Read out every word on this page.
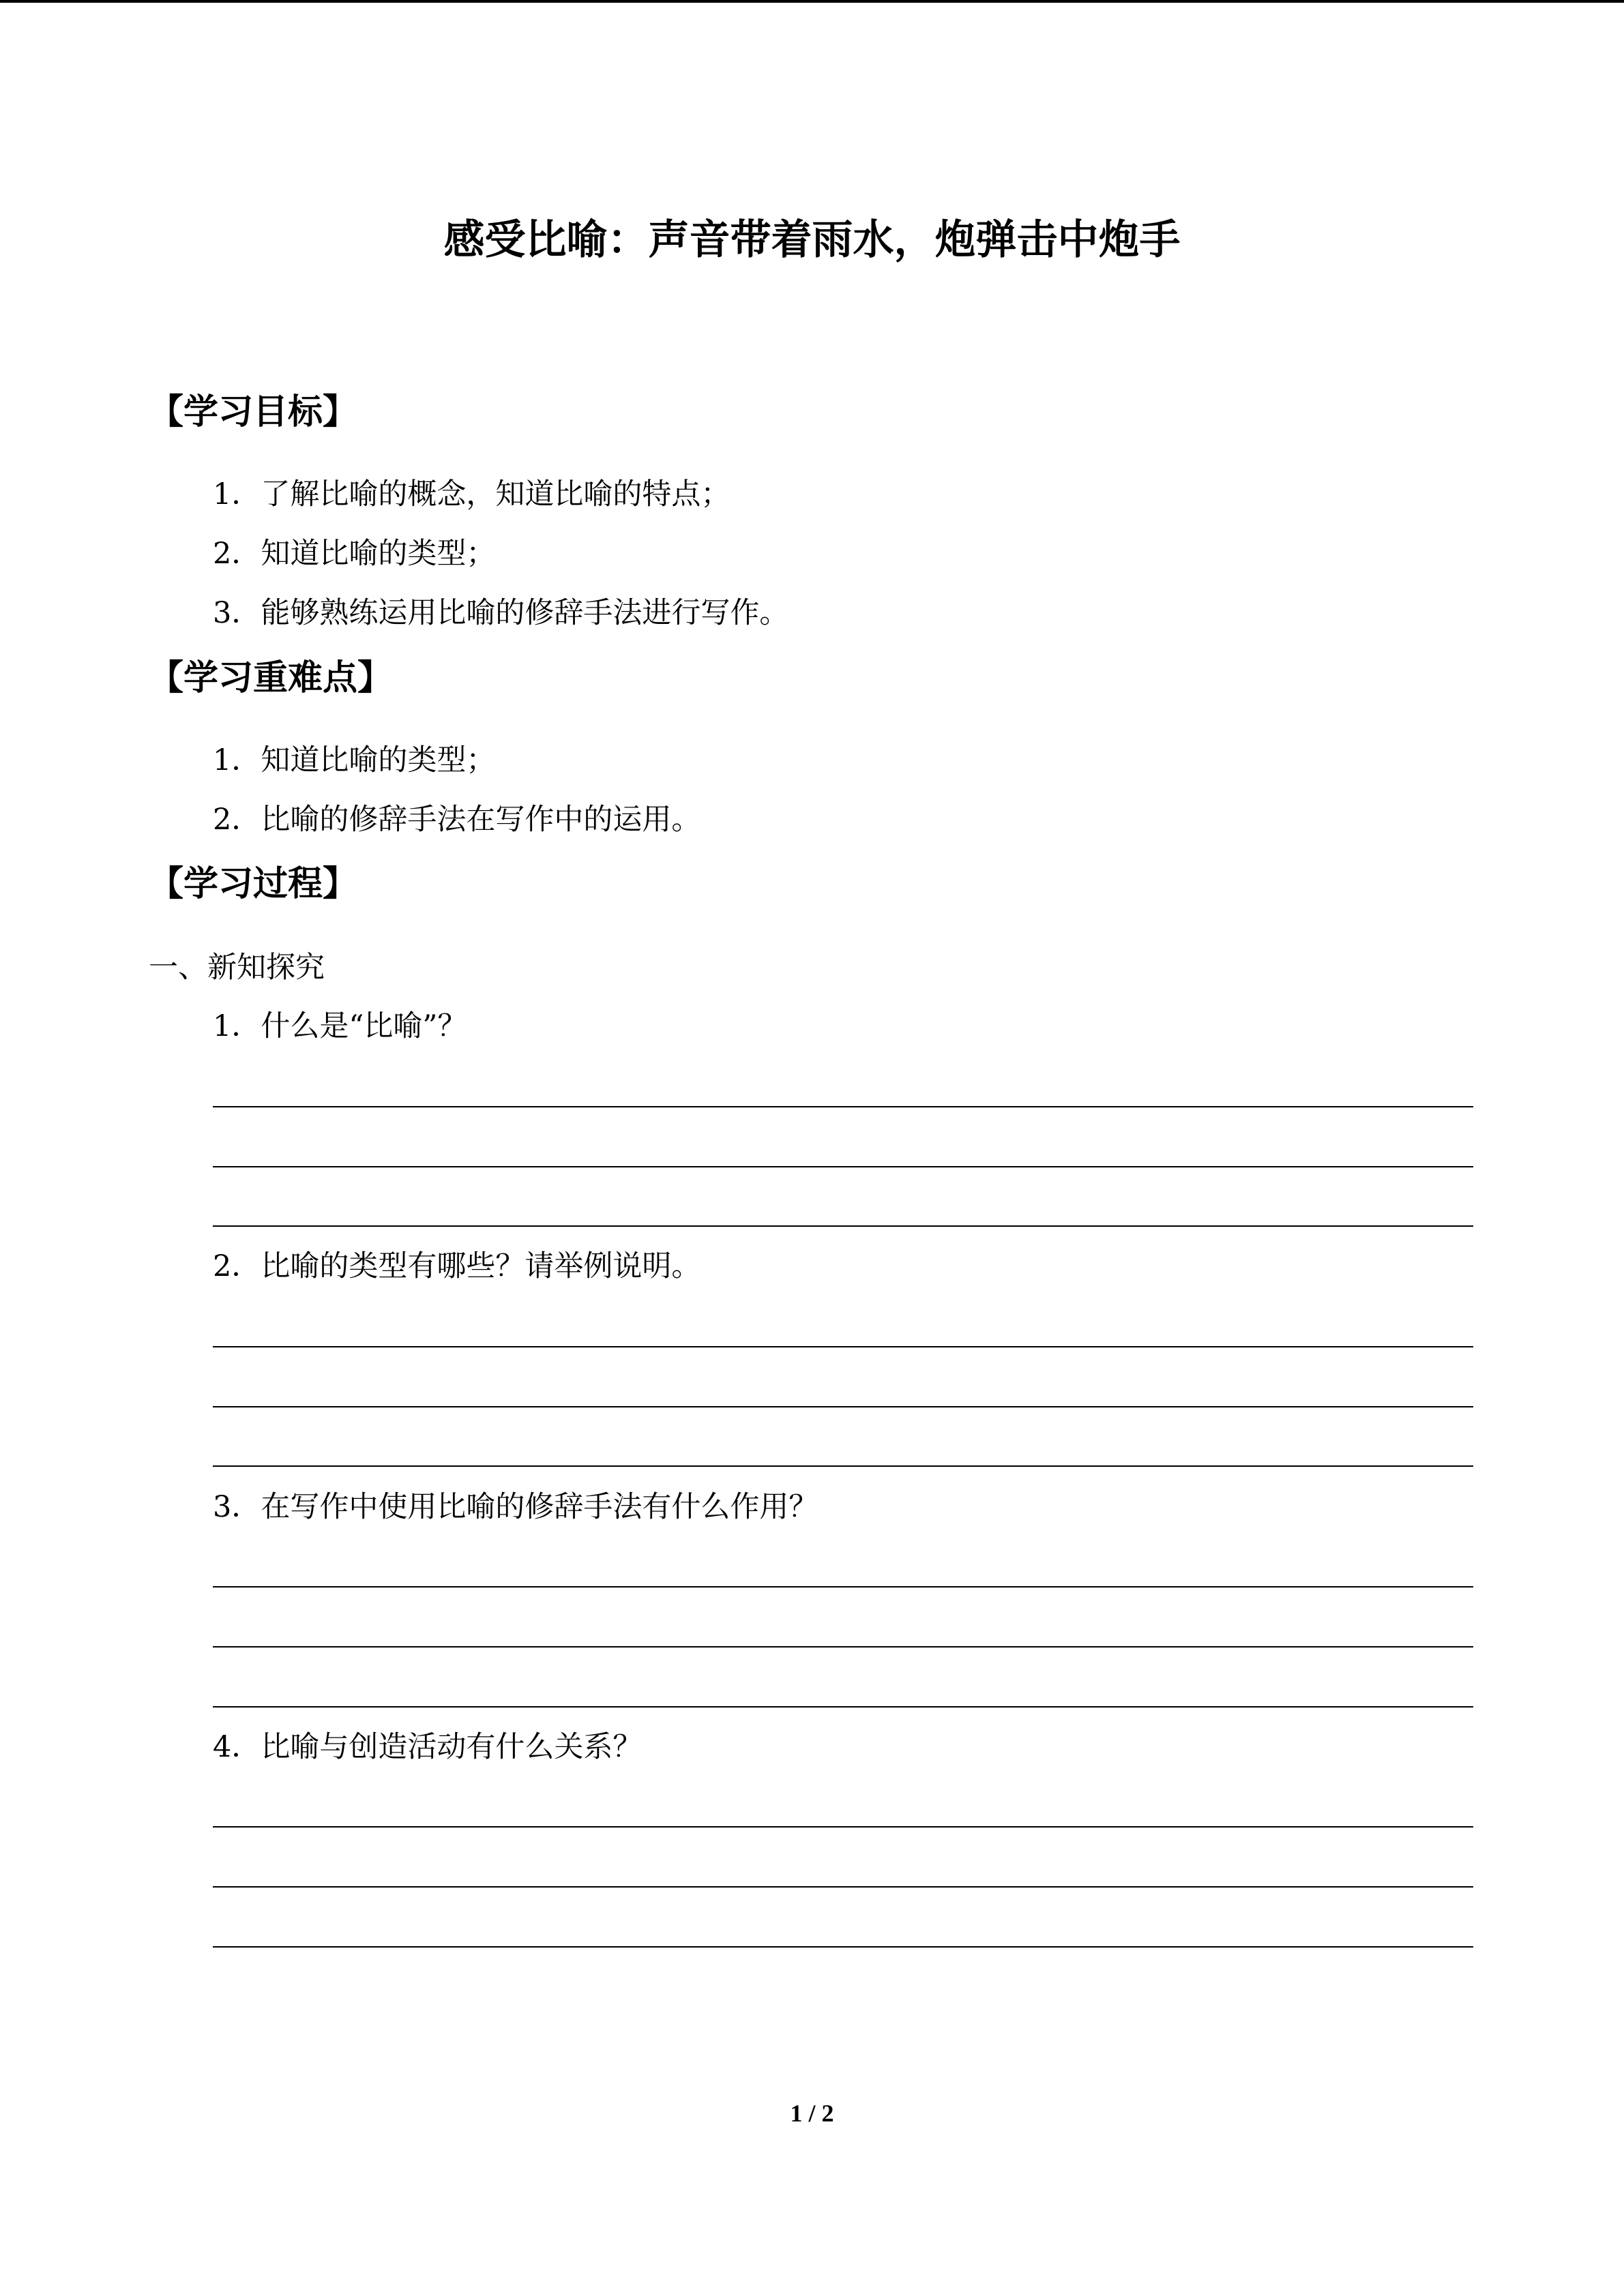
感受比喻：声音带着雨水，炮弹击中炮手
【学习目标】
1．了解比喻的概念，知道比喻的特点；
2．知道比喻的类型；
3．能够熟练运用比喻的修辞手法进行写作。
【学习重难点】
1．知道比喻的类型；
2．比喻的修辞手法在写作中的运用。
【学习过程】
一、新知探究
1．什么是“比喻”？
2．比喻的类型有哪些？请举例说明。
3．在写作中使用比喻的修辞手法有什么作用？
4．比喻与创造活动有什么关系？
1 / 2
